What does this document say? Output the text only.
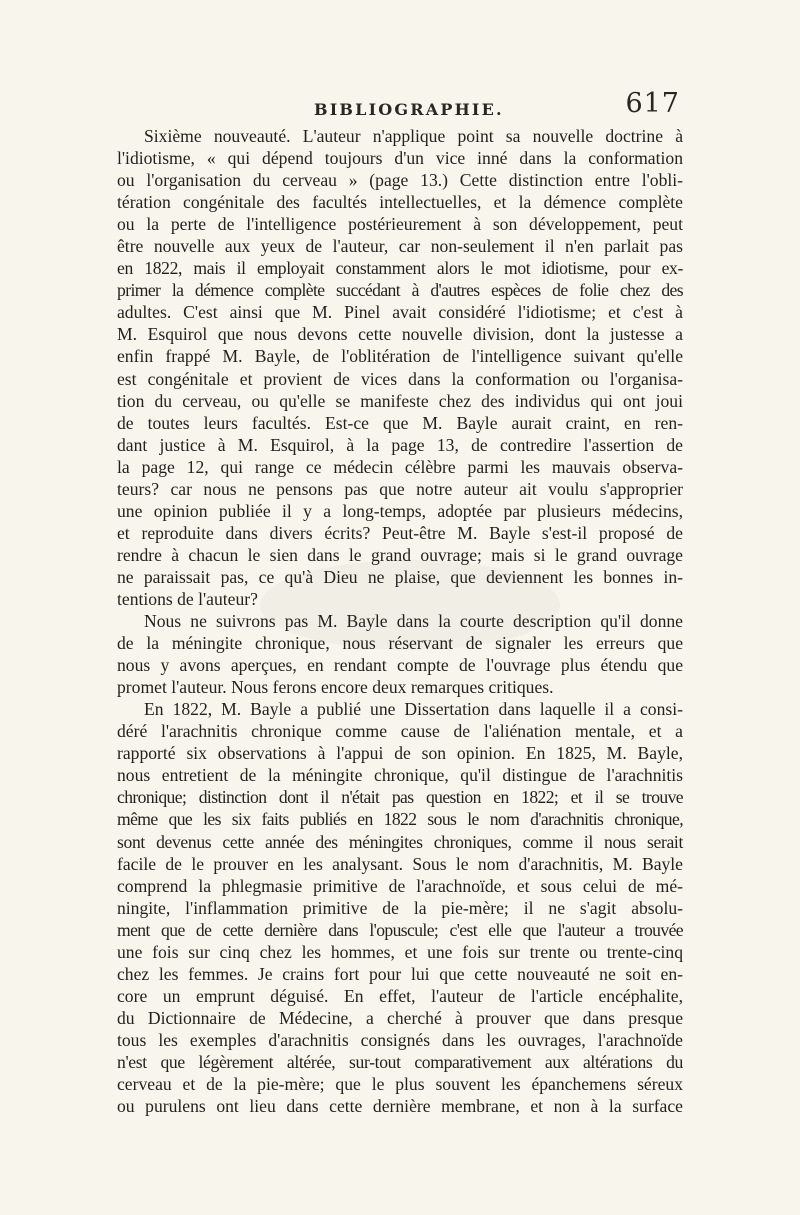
BIBLIOGRAPHIE.	617
Sixième nouveauté. L'auteur n'applique point sa nouvelle doctrine à
l'idiotisme, « qui dépend toujours d'un vice inné dans la conformation
ou l'organisation du cerveau » (page 13.) Cette distinction entre l'obli-
tération congénitale des facultés intellectuelles, et la démence complète
ou la perte de l'intelligence postérieurement à son développement, peut
être nouvelle aux yeux de l'auteur, car non-seulement il n'en parlait pas
en 1822, mais il employait constamment alors le mot idiotisme, pour ex-
primer la démence complète succédant à d'autres espèces de folie chez des
adultes. C'est ainsi que M. Pinel avait considéré l'idiotisme; et c'est à
M. Esquirol que nous devons cette nouvelle division, dont la justesse a
enfin frappé M. Bayle, de l'oblitération de l'intelligence suivant qu'elle
est congénitale et provient de vices dans la conformation ou l'organisa-
tion du cerveau, ou qu'elle se manifeste chez des individus qui ont joui
de toutes leurs facultés. Est-ce que M. Bayle aurait craint, en ren-
dant justice à M. Esquirol, à la page 13, de contredire l'assertion de
la page 12, qui range ce médecin célèbre parmi les mauvais observa-
teurs? car nous ne pensons pas que notre auteur ait voulu s'approprier
une opinion publiée il y a long-temps, adoptée par plusieurs médecins,
et reproduite dans divers écrits? Peut-être M. Bayle s'est-il proposé de
rendre à chacun le sien dans le grand ouvrage; mais si le grand ouvrage
ne paraissait pas, ce qu'à Dieu ne plaise, que deviennent les bonnes in-
tentions de l'auteur?
Nous ne suivrons pas M. Bayle dans la courte description qu'il donne
de la méningite chronique, nous réservant de signaler les erreurs que
nous y avons aperçues, en rendant compte de l'ouvrage plus étendu que
promet l'auteur. Nous ferons encore deux remarques critiques.
En 1822, M. Bayle a publié une Dissertation dans laquelle il a consi-
déré l'arachnitis chronique comme cause de l'aliénation mentale, et a
rapporté six observations à l'appui de son opinion. En 1825, M. Bayle,
nous entretient de la méningite chronique, qu'il distingue de l'arachnitis
chronique; distinction dont il n'était pas question en 1822; et il se trouve
même que les six faits publiés en 1822 sous le nom d'arachnitis chronique,
sont devenus cette année des méningites chroniques, comme il nous serait
facile de le prouver en les analysant. Sous le nom d'arachnitis, M. Bayle
comprend la phlegmasie primitive de l'arachnoïde, et sous celui de mé-
ningite, l'inflammation primitive de la pie-mère; il ne s'agit absolu-
ment que de cette dernière dans l'opuscule; c'est elle que l'auteur a trouvée
une fois sur cinq chez les hommes, et une fois sur trente ou trente-cinq
chez les femmes. Je crains fort pour lui que cette nouveauté ne soit en-
core un emprunt déguisé. En effet, l'auteur de l'article encéphalite,
du Dictionnaire de Médecine, a cherché à prouver que dans presque
tous les exemples d'arachnitis consignés dans les ouvrages, l'arachnoïde
n'est que légèrement altérée, sur-tout comparativement aux altérations du
cerveau et de la pie-mère; que le plus souvent les épanchemens séreux
ou purulens ont lieu dans cette dernière membrane, et non à la surface
